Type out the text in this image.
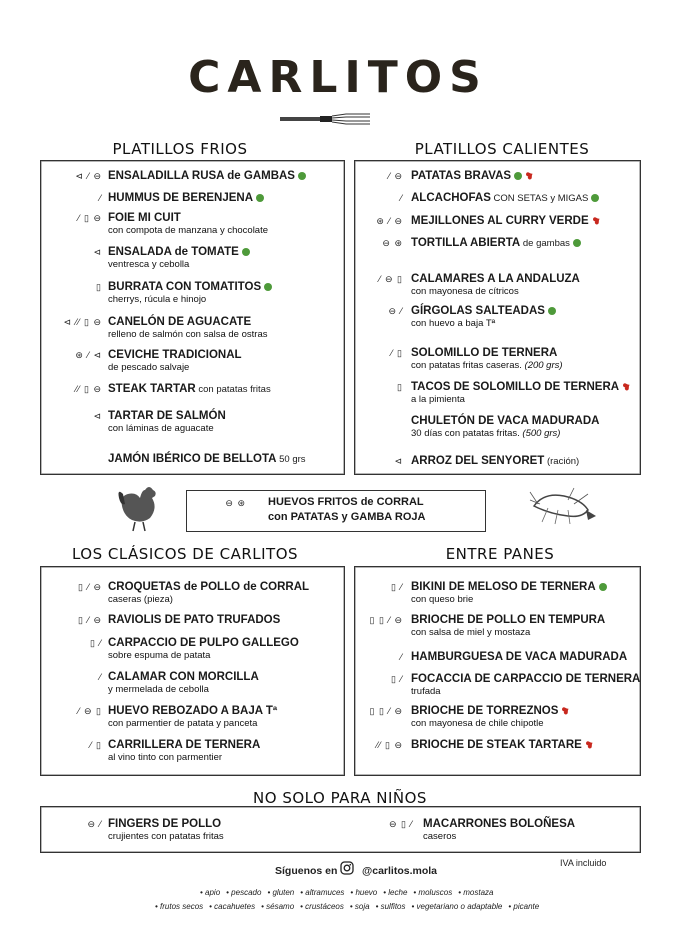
CARLITOS
PLATILLOS FRIOS	PLATILLOS CALIENTES
LOS CLÁSICOS DE CARLITOS	ENTRE PANES
NO SOLO PARA NIÑOS
⊲ ⁄ ⊖ ENSALADILLA RUSA de GAMBAS
⁄ HUMMUS DE BERENJENA
⁄ ▯ ⊖ FOIE MI CUIT
con compota de manzana y chocolate
⊲ ENSALADA de TOMATE
ventresca y cebolla
▯ BURRATA CON TOMATITOS
cherrys, rúcula e hinojo
⊲ ⁄⁄ ▯ ⊖ CANELÓN DE AGUACATE
relleno de salmón con salsa de ostras
⊛ ⁄ ⊲ CEVICHE TRADICIONAL
de pescado salvaje
⁄⁄ ▯ ⊖ STEAK TARTAR con patatas fritas
⊲ TARTAR DE SALMÓN
con láminas de aguacate
JAMÓN IBÉRICO DE BELLOTA 50 grs
⁄ ⊖ PATATAS BRAVAS ❥
⁄ ALCACHOFAS CON SETAS y MIGAS
⊛ ⁄ ⊖ MEJILLONES AL CURRY VERDE ❥
⊖ ⊛ TORTILLA ABIERTA de gambas
⁄ ⊖ ▯ CALAMARES A LA ANDALUZA
con mayonesa de cítricos
⊖ ⁄ GÍRGOLAS SALTEADAS
con huevo a baja Tª
⁄ ▯ SOLOMILLO DE TERNERA
con patatas fritas caseras. (200 grs)
▯ TACOS DE SOLOMILLO DE TERNERA ❥
a la pimienta
CHULETÓN DE VACA MADURADA
30 días con patatas fritas. (500 grs)
⊲ ARROZ DEL SENYORET (ración)
▯ ⁄ ⊖ CROQUETAS de POLLO de CORRAL
caseras (pieza)
▯ ⁄ ⊖ RAVIOLIS DE PATO TRUFADOS
▯ ⁄ CARPACCIO DE PULPO GALLEGO
sobre espuma de patata
⁄ CALAMAR CON MORCILLA
y mermelada de cebolla
⁄ ⊖ ▯ HUEVO REBOZADO A BAJA Tª
con parmentier de patata y panceta
⁄ ▯ CARRILLERA DE TERNERA
al vino tinto con parmentier
▯ ⁄ BIKINI DE MELOSO DE TERNERA
con queso brie
▯ ▯ ⁄ ⊖ BRIOCHE DE POLLO EN TEMPURA
con salsa de miel y mostaza
⁄ HAMBURGUESA DE VACA MADURADA
▯ ⁄ FOCACCIA DE CARPACCIO DE TERNERA
trufada
▯ ▯ ⁄ ⊖ BRIOCHE DE TORREZNOS ❥
con mayonesa de chile chipotle
⁄⁄ ▯ ⊖ BRIOCHE DE STEAK TARTARE ❥
⊖ ⁄ FINGERS DE POLLO
crujientes con patatas fritas
⊖ ▯ ⁄ MACARRONES BOLOÑESA
caseros
⊖ ⊛ HUEVOS FRITOS de CORRAL
con PATATAS y GAMBA ROJA
Síguenos en @carlitos.mola
IVA incluido
• apio • pescado • gluten • altramuces • huevo • leche • moluscos • mostaza
• frutos secos • cacahuetes • sésamo • crustáceos • soja • sulfitos • vegetariano o adaptable • picante
